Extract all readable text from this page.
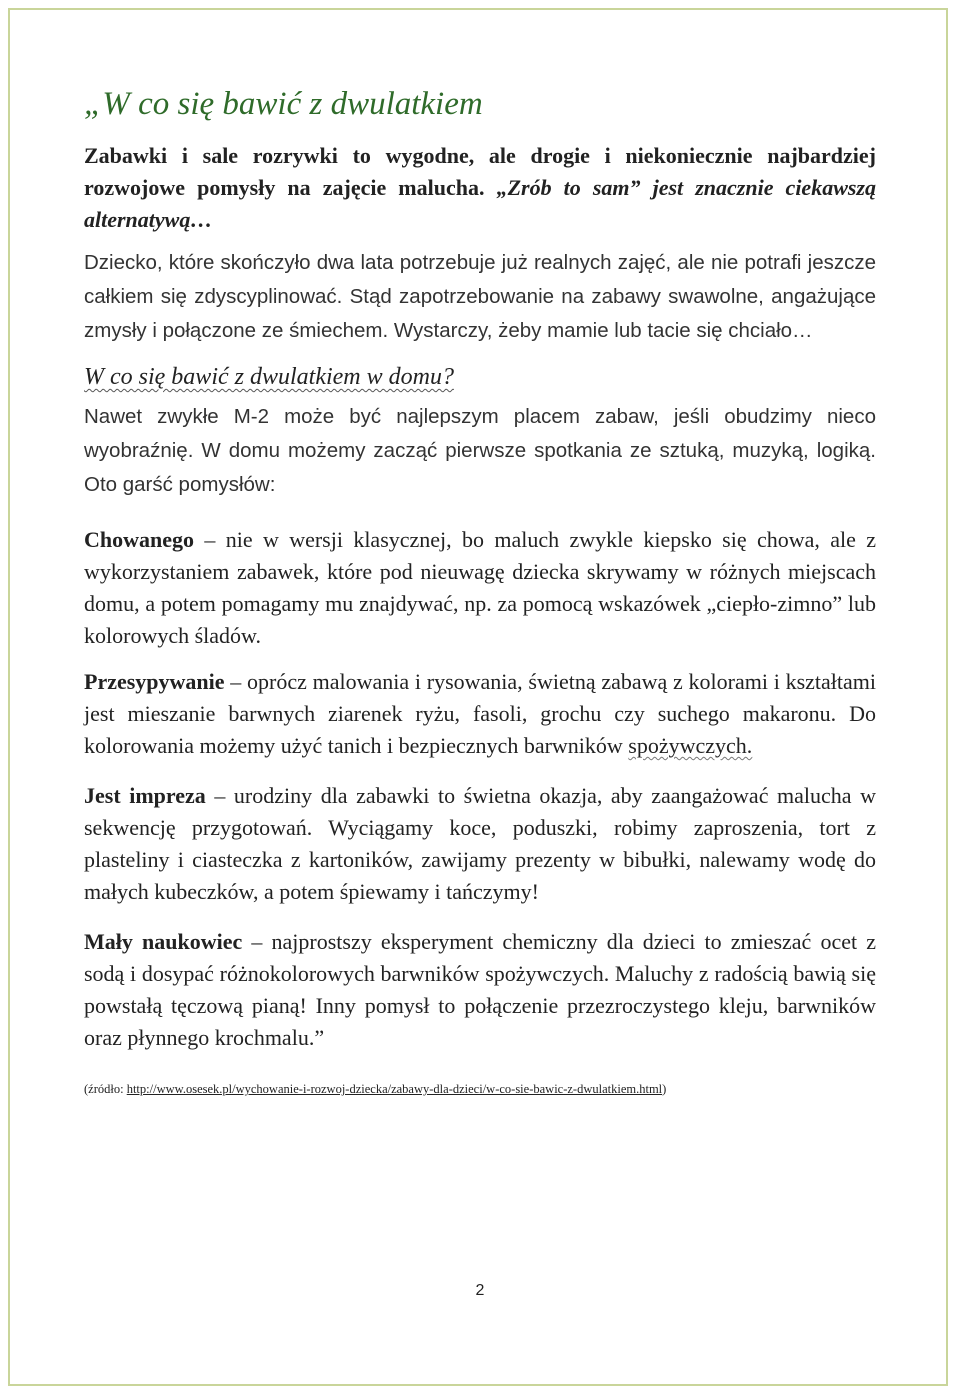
„W co się bawić z dwulatkiem

Zabawki i sale rozrywki to wygodne, ale drogie i niekoniecznie najbardziej rozwojowe pomysły na zajęcie malucha. „Zrób to sam” jest znacznie ciekawszą alternatywą…

Dziecko, które skończyło dwa lata potrzebuje już realnych zajęć, ale nie potrafi jeszcze całkiem się zdyscyplinować. Stąd zapotrzebowanie na zabawy swawolne, angażujące zmysły i połączone ze śmiechem. Wystarczy, żeby mamie lub tacie się chciało…

W co się bawić z dwulatkiem w domu?

Nawet zwykłe M-2 może być najlepszym placem zabaw, jeśli obudzimy nieco wyobraźnię. W domu możemy zacząć pierwsze spotkania ze sztuką, muzyką, logiką. Oto garść pomysłów:

Chowanego – nie w wersji klasycznej, bo maluch zwykle kiepsko się chowa, ale z wykorzystaniem zabawek, które pod nieuwagę dziecka skrywamy w różnych miejscach domu, a potem pomagamy mu znajdywać, np. za pomocą wskazówek „ciepło-zimno” lub kolorowych śladów.

Przesypywanie – oprócz malowania i rysowania, świetną zabawą z kolorami i kształtami jest mieszanie barwnych ziarenek ryżu, fasoli, grochu czy suchego makaronu. Do kolorowania możemy użyć tanich i bezpiecznych barwników spożywczych.

Jest impreza – urodziny dla zabawki to świetna okazja, aby zaangażować malucha w sekwencję przygotowań. Wyciągamy koce, poduszki, robimy zaproszenia, tort z plasteliny i ciasteczka z kartoników, zawijamy prezenty w bibułki, nalewamy wodę do małych kubeczków, a potem śpiewamy i tańczymy!

Mały naukowiec – najprostszy eksperyment chemiczny dla dzieci to zmieszać ocet z sodą i dosypać różnokolorowych barwników spożywczych. Maluchy z radością bawią się powstałą tęczową pianą! Inny pomysł to połączenie przezroczystego kleju, barwników oraz płynnego krochmalu.”

(źródło: http://www.osesek.pl/wychowanie-i-rozwoj-dziecka/zabawy-dla-dzieci/w-co-sie-bawic-z-dwulatkiem.html)

2
